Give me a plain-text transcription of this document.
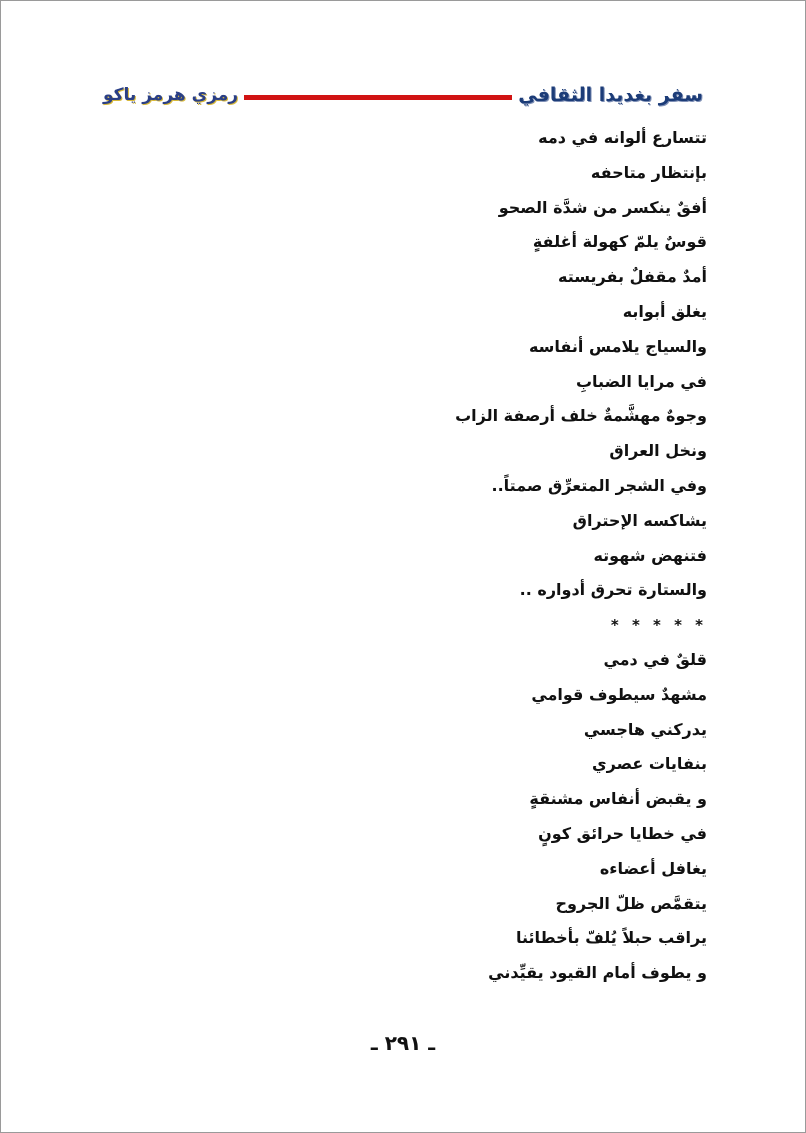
سفر بغديدا الثقافي
رمزي هرمز ياكو
تتسارع ألوانه في دمه
بإنتظار متاحفه
أفقٌ ينكسر من شدَّة الصحو
قوسٌ يلمّ كهولة أغلفةٍ
أمدٌ مقفلٌ بفريسته
يغلق أبوابه
والسياج يلامس أنفاسه
في مرايا الضبابِ
وجوهٌ مهشَّمةٌ خلف أرصفة الزاب
ونخل العراق
وفي الشجر المتعرِّق صمتاً..
يشاكسه الإحتراق
فتنهض شهوته
والستارة تحرق أدواره ..
* * * * *
قلقٌ في دمي
مشهدٌ سيطوف قوامي
يدركني هاجسي
بنفايات عصري
و يقبض أنفاس مشنقةٍ
في خطايا حرائق كونٍ
يغافل أعضاءه
يتقمَّص ظلّ الجروح
يراقب حبلاً يُلفّ بأخطائنا
و يطوف أمام القيود يقيِّدني
ـ ٢٩١ ـ
